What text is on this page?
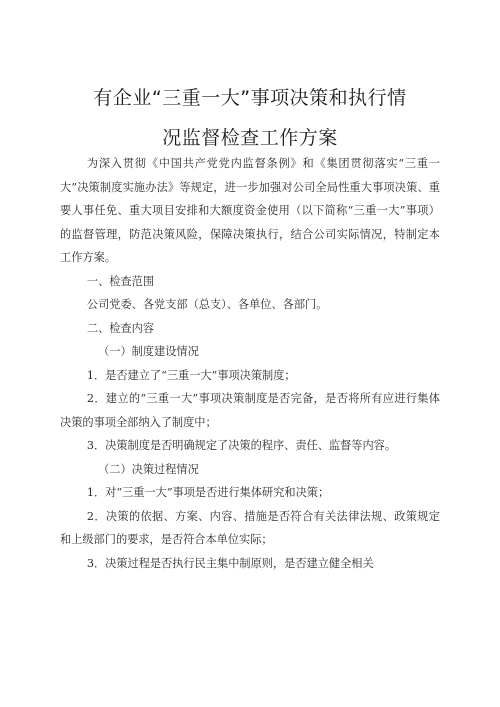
有企业“三重一大”事项决策和执行情
况监督检查工作方案

为深入贯彻《中国共产党党内监督条例》和《集团贯彻落实“三重一大”决策制度实施办法》等规定，进一步加强对公司全局性重大事项决策、重要人事任免、重大项目安排和大额度资金使用（以下简称“三重一大”事项）的监督管理，防范决策风险，保障决策执行，结合公司实际情况，特制定本工作方案。

一、检查范围

公司党委、各党支部（总支）、各单位、各部门。

二、检查内容

（一）制度建设情况

1．是否建立了“三重一大”事项决策制度；

2．建立的“三重一大”事项决策制度是否完备，是否将所有应进行集体决策的事项全部纳入了制度中；

3．决策制度是否明确规定了决策的程序、责任、监督等内容。

（二）决策过程情况

1．对“三重一大”事项是否进行集体研究和决策；

2．决策的依据、方案、内容、措施是否符合有关法律法规、政策规定和上级部门的要求，是否符合本单位实际；

3．决策过程是否执行民主集中制原则，是否建立健全相关
